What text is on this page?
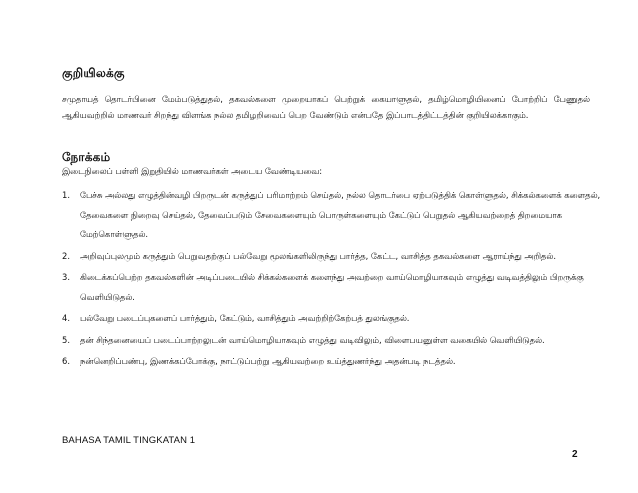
குறியிலக்கு
சமுதாயத் தொடர்பினை மேம்படுத்துதல், தகவல்களை முறையாகப் பெற்றுக் கையாளுதல், தமிழ்மொழியினைப் போற்றிப் பேணுதல் ஆகியவற்றில் மாணவர் சிறந்து விளங்க நல்ல தமிழறிவைப் பெற வேண்டும் என்பதே இப்பாடத்திட்டத்தின் குறியிலக்காகும்.
நோக்கம்
இடைநிலைப் பள்ளி இறுதியில் மாணவர்கள் அடைய வேண்டியவை:
1. பேச்சு அல்லது எழுத்தின்வழி பிறருடன் கருத்துப் பரிமாற்றம் செய்தல், நல்ல தொடர்பை ஏற்படுத்திக் கொள்ளுதல், சிக்கல்களைக் களைதல், தேவைகளை நிறைவு செய்தல், தேவைப்படும் சேவைகளையும் பொருள்களையும் கேட்டுப் பெறுதல் ஆகியவற்றைத் திறமையாக மேற்கொள்ளுதல்.
2. அறிவுப்புலமும் கருத்தும் பெறுவதற்குப் பல்வேறு மூலங்களிலிருந்து பார்த்த, கேட்ட, வாசித்த தகவல்களை ஆராய்ந்து அறிதல்.
3. கிடைக்கப்பெற்ற தகவல்களின் அடிப்படையில் சிக்கல்களைக் களைந்து அவற்றை வாய்மொழியாகவும் எழுத்து வடிவத்திலும் பிறருக்கு வெளியிடுதல்.
4. பல்வேறு படைப்புகளைப் பார்த்தும், கேட்டும், வாசித்தும் அவற்றிற்கேற்பத் துலங்குதல்.
5. தன் சிந்தனையைப் படைப்பாற்றலுடன் வாய்மொழியாகவும் எழுத்து வடிவிலும், விளைபயனுள்ள வகையில் வெளியிடுதல்.
6. நன்னெறிப்பண்பு, இணக்கப்போக்கு, நாட்டுப்பற்று ஆகியவற்றை உய்த்துணர்ந்து அதன்படி நடத்தல்.
BAHASA TAMIL TINGKATAN 1
2
